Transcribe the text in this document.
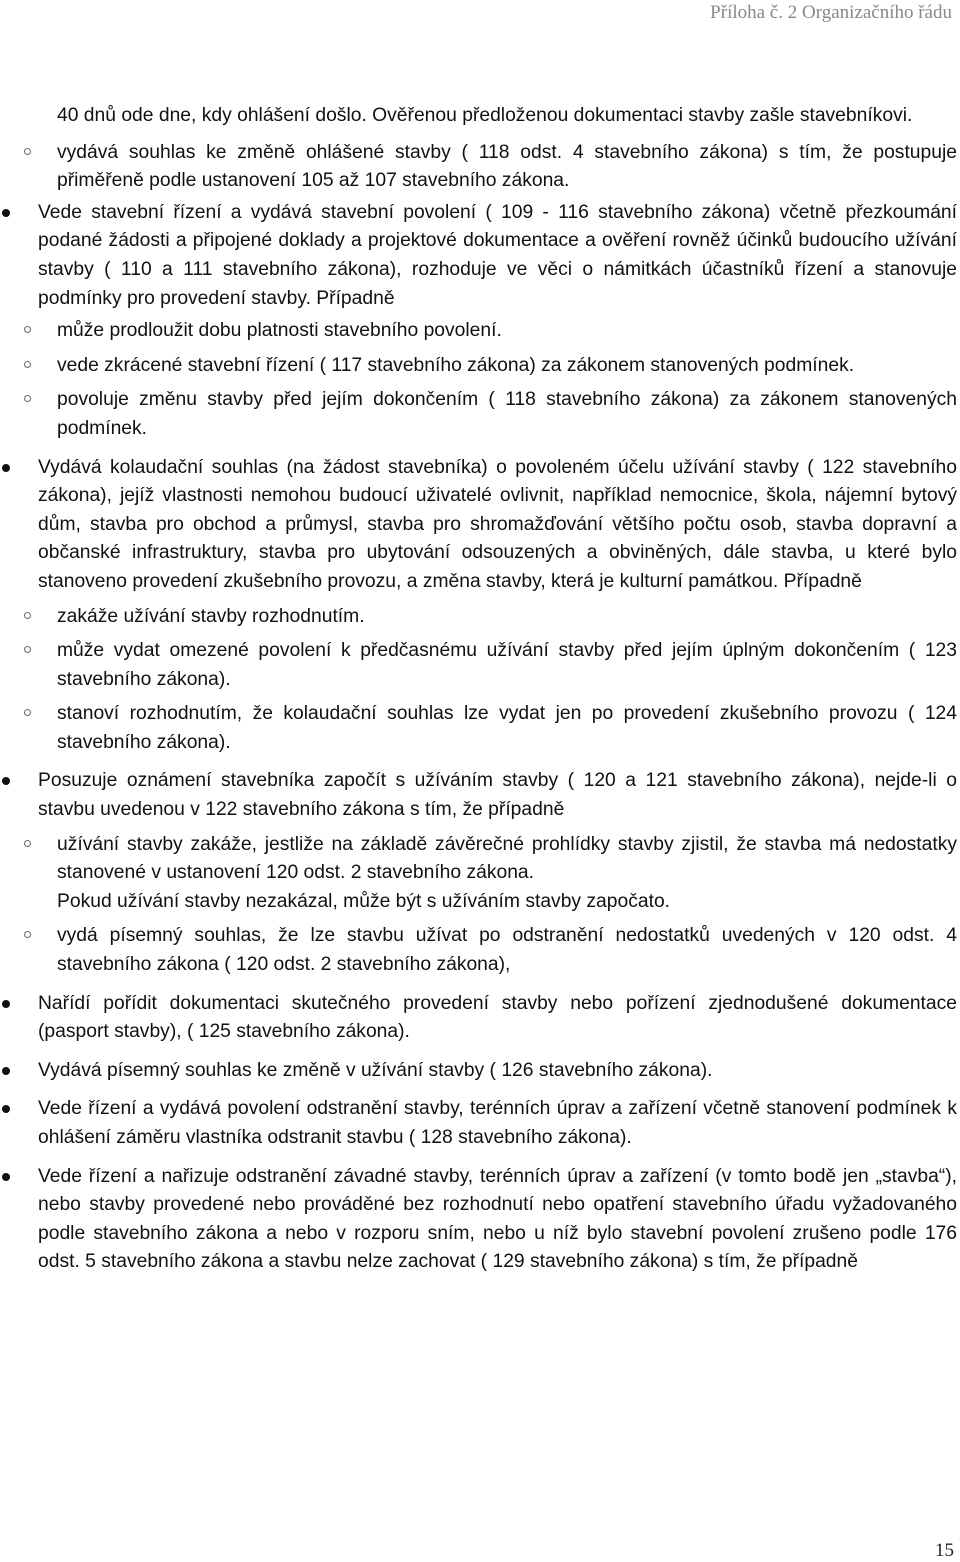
Příloha č. 2 Organizačního řádu
40 dnů ode dne, kdy ohlášení došlo. Ověřenou předloženou dokumentaci stavby zašle stavebníkovi.
vydává souhlas ke změně ohlášené stavby ( 118 odst. 4 stavebního zákona) s tím, že postupuje přiměřeně podle ustanovení 105 až 107 stavebního zákona.
Vede stavební řízení a vydává stavební povolení ( 109 - 116 stavebního zákona) včetně přezkoumání podané žádosti a připojené doklady a projektové dokumentace a ověření rovněž účinků budoucího užívání stavby ( 110 a 111 stavebního zákona), rozhoduje ve věci o námitkách účastníků řízení a stanovuje podmínky pro provedení stavby. Případně
může prodloužit dobu platnosti stavebního povolení.
vede zkrácené stavební řízení ( 117 stavebního zákona) za zákonem stanovených podmínek.
povoluje změnu stavby před jejím dokončením ( 118 stavebního zákona) za zákonem stanovených podmínek.
Vydává kolaudační souhlas (na žádost stavebníka) o povoleném účelu užívání stavby ( 122 stavebního zákona), jejíž vlastnosti nemohou budoucí uživatelé ovlivnit, například nemocnice, škola, nájemní bytový dům, stavba pro obchod a průmysl, stavba pro shromažďování většího počtu osob, stavba dopravní a občanské infrastruktury, stavba pro ubytování odsouzených a obviněných, dále stavba, u které bylo stanoveno provedení zkušebního provozu, a změna stavby, která je kulturní památkou. Případně
zakáže užívání stavby rozhodnutím.
může vydat omezené povolení k předčasnému užívání stavby před jejím úplným dokončením ( 123 stavebního zákona).
stanoví rozhodnutím, že kolaudační souhlas lze vydat jen po provedení zkušebního provozu ( 124 stavebního zákona).
Posuzuje oznámení stavebníka započít s užíváním stavby ( 120 a 121 stavebního zákona), nejde-li o stavbu uvedenou v 122 stavebního zákona s tím, že případně
užívání stavby zakáže, jestliže na základě závěrečné prohlídky stavby zjistil, že stavba má nedostatky stanovené v ustanovení 120 odst. 2 stavebního zákona.
Pokud užívání stavby nezakázal, může být s užíváním stavby započato.
vydá písemný souhlas, že lze stavbu užívat po odstranění nedostatků uvedených v 120 odst. 4 stavebního zákona ( 120 odst. 2 stavebního zákona),
Nařídí pořídit dokumentaci skutečného provedení stavby nebo pořízení zjednodušené dokumentace (pasport stavby), ( 125 stavebního zákona).
Vydává písemný souhlas ke změně v užívání stavby ( 126 stavebního zákona).
Vede řízení a vydává povolení odstranění stavby, terénních úprav a zařízení včetně stanovení podmínek k ohlášení záměru vlastníka odstranit stavbu ( 128 stavebního zákona).
Vede řízení a nařizuje odstranění závadné stavby, terénních úprav a zařízení (v tomto bodě jen „stavba“), nebo stavby provedené nebo prováděné bez rozhodnutí nebo opatření stavebního úřadu vyžadovaného podle stavebního zákona a nebo v rozporu sním, nebo u níž bylo stavební povolení zrušeno podle 176 odst. 5 stavebního zákona a stavbu nelze zachovat ( 129 stavebního zákona) s tím, že případně
15
